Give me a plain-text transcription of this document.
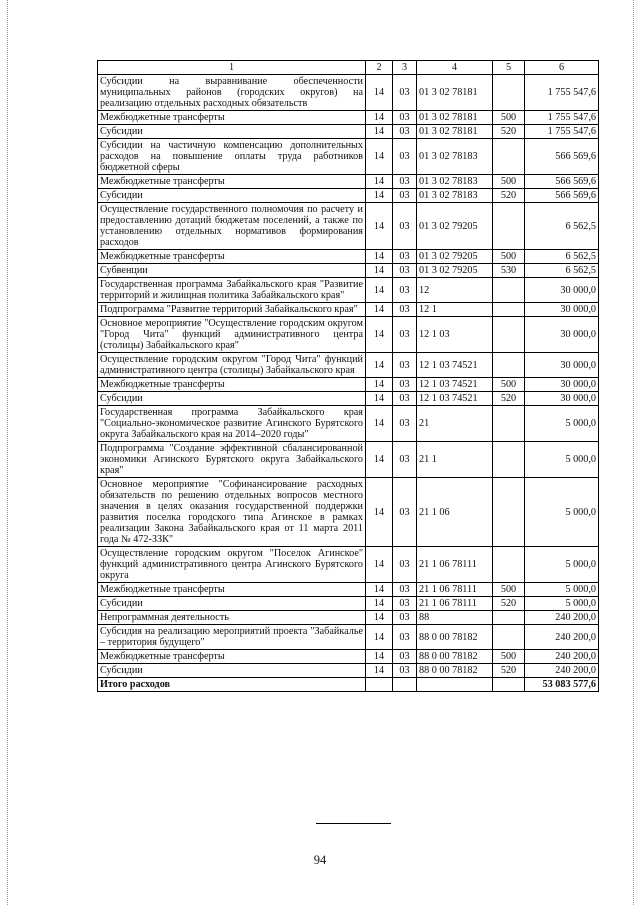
1	2	3	4	5	6
Субсидии на выравнивание обеспеченности муниципальных районов (городских округов) на реализацию отдельных расходных обязательств	14	03	01 3 02 78181		1 755 547,6
Межбюджетные трансферты	14	03	01 3 02 78181	500	1 755 547,6
Субсидии	14	03	01 3 02 78181	520	1 755 547,6
Субсидии на частичную компенсацию дополнительных расходов на повышение оплаты труда работников бюджетной сферы	14	03	01 3 02 78183		566 569,6
Межбюджетные трансферты	14	03	01 3 02 78183	500	566 569,6
Субсидии	14	03	01 3 02 78183	520	566 569,6
Осуществление государственного полномочия по расчету и предоставлению дотаций бюджетам поселений, а также по установлению отдельных нормативов формирования расходов	14	03	01 3 02 79205		6 562,5
Межбюджетные трансферты	14	03	01 3 02 79205	500	6 562,5
Субвенции	14	03	01 3 02 79205	530	6 562,5
Государственная программа Забайкальского края "Развитие территорий и жилищная политика Забайкальского края"	14	03	12		30 000,0
Подпрограмма "Развитие территорий Забайкальского края"	14	03	12 1		30 000,0
Основное мероприятие "Осуществление городским округом "Город Чита" функций административного центра (столицы) Забайкальского края"	14	03	12 1 03		30 000,0
Осуществление городским округом "Город Чита" функций административного центра (столицы) Забайкальского края	14	03	12 1 03 74521		30 000,0
Межбюджетные трансферты	14	03	12 1 03 74521	500	30 000,0
Субсидии	14	03	12 1 03 74521	520	30 000,0
Государственная программа Забайкальского края "Социально-экономическое развитие Агинского Бурятского округа Забайкальского края на 2014–2020 годы"	14	03	21		5 000,0
Подпрограмма "Создание эффективной сбалансированной экономики Агинского Бурятского округа Забайкальского края"	14	03	21 1		5 000,0
Основное мероприятие "Софинансирование расходных обязательств по решению отдельных вопросов местного значения в целях оказания государственной поддержки развития поселка городского типа Агинское в рамках реализации Закона Забайкальского края от 11 марта 2011 года № 472-ЗЗК"	14	03	21 1 06		5 000,0
Осуществление городским округом "Поселок Агинское" функций административного центра Агинского Бурятского округа	14	03	21 1 06 78111		5 000,0
Межбюджетные трансферты	14	03	21 1 06 78111	500	5 000,0
Субсидии	14	03	21 1 06 78111	520	5 000,0
Непрограммная деятельность	14	03	88		240 200,0
Субсидия на реализацию мероприятий проекта "Забайкалье – территория будущего"	14	03	88 0 00 78182		240 200,0
Межбюджетные трансферты	14	03	88 0 00 78182	500	240 200,0
Субсидии	14	03	88 0 00 78182	520	240 200,0
Итого расходов					53 083 577,6
94
